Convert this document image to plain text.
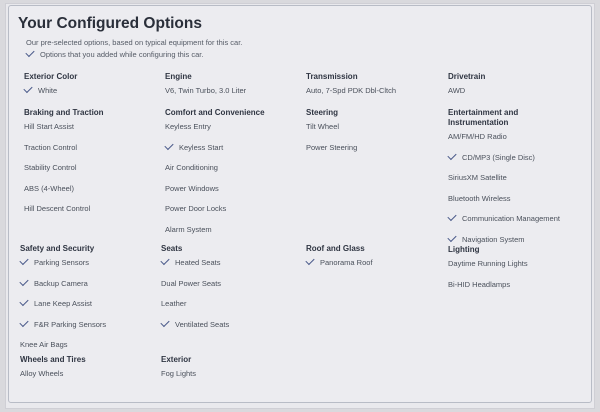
Your Configured Options
Our pre-selected options, based on typical equipment for this car.
Options that you added while configuring this car.
Exterior Color
White
Engine
V6, Twin Turbo, 3.0 Liter
Transmission
Auto, 7-Spd PDK Dbl-Cltch
Drivetrain
AWD
Braking and Traction
Hill Start Assist
Traction Control
Stability Control
ABS (4-Wheel)
Hill Descent Control
Comfort and Convenience
Keyless Entry
Keyless Start
Air Conditioning
Power Windows
Power Door Locks
Alarm System
Steering
Tilt Wheel
Power Steering
Entertainment and Instrumentation
AM/FM/HD Radio
CD/MP3 (Single Disc)
SiriusXM Satellite
Bluetooth Wireless
Communication Management
Navigation System
Safety and Security
Parking Sensors
Backup Camera
Lane Keep Assist
F&R Parking Sensors
Knee Air Bags
Seats
Heated Seats
Dual Power Seats
Leather
Ventilated Seats
Roof and Glass
Panorama Roof
Lighting
Daytime Running Lights
Bi-HID Headlamps
Wheels and Tires
Alloy Wheels
Exterior
Fog Lights
